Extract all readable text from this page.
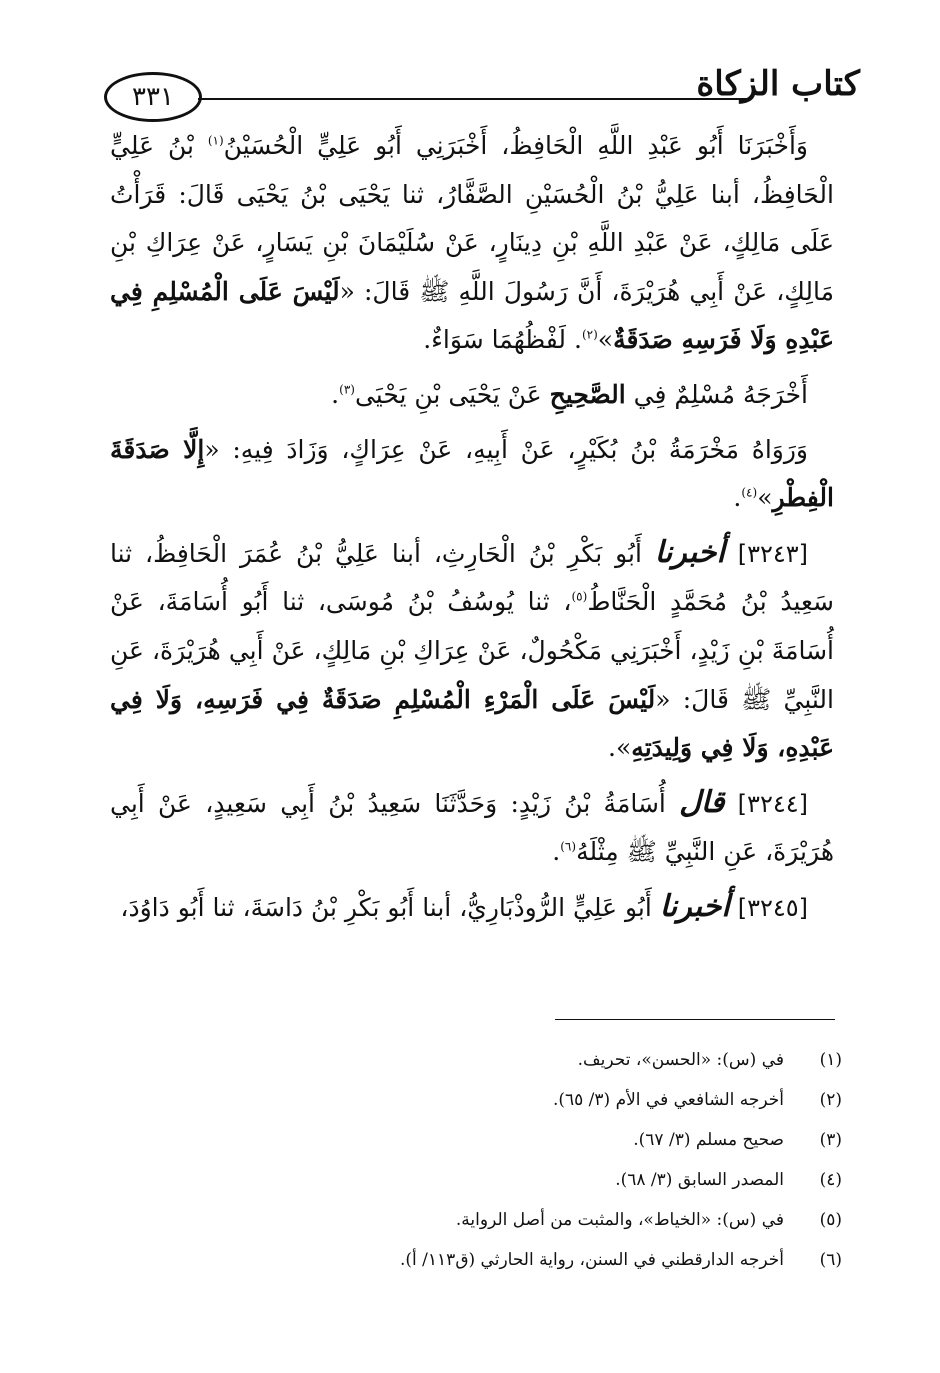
٣٣١	كتاب الزكاة

وَأَخْبَرَنَا أَبُو عَبْدِ اللَّهِ الْحَافِظُ، أَخْبَرَنِي أَبُو عَلِيٍّ الْحُسَيْنُ$^{(١)}$ بْنُ عَلِيٍّ الْحَافِظُ، أبنا عَلِيُّ بْنُ الْحُسَيْنِ الصَّفَّارُ، ثنا يَحْيَى بْنُ يَحْيَى قَالَ: قَرَأْتُ عَلَى مَالِكٍ، عَنْ عَبْدِ اللَّهِ بْنِ دِينَارٍ، عَنْ سُلَيْمَانَ بْنِ يَسَارٍ، عَنْ عِرَاكِ بْنِ مَالِكٍ، عَنْ أَبِي هُرَيْرَةَ، أَنَّ رَسُولَ اللَّهِ ﷺ قَالَ: «لَيْسَ عَلَى الْمُسْلِمِ فِي عَبْدِهِ وَلَا فَرَسِهِ صَدَقَةٌ»$^{(٢)}$. لَفْظُهُمَا سَوَاءٌ.

أَخْرَجَهُ مُسْلِمٌ فِي الصَّحِيحِ عَنْ يَحْيَى بْنِ يَحْيَى$^{(٣)}$.

وَرَوَاهُ مَخْرَمَةُ بْنُ بُكَيْرٍ، عَنْ أَبِيهِ، عَنْ عِرَاكٍ، وَزَادَ فِيهِ: «إِلَّا صَدَقَةَ الْفِطْرِ»$^{(٤)}$.

[٣٢٤٣] أخبرنا أَبُو بَكْرِ بْنُ الْحَارِثِ، أبنا عَلِيُّ بْنُ عُمَرَ الْحَافِظُ، ثنا سَعِيدُ بْنُ مُحَمَّدٍ الْحَنَّاطُ$^{(٥)}$، ثنا يُوسُفُ بْنُ مُوسَى، ثنا أَبُو أُسَامَةَ، عَنْ أُسَامَةَ بْنِ زَيْدٍ، أَخْبَرَنِي مَكْحُولٌ، عَنْ عِرَاكِ بْنِ مَالِكٍ، عَنْ أَبِي هُرَيْرَةَ، عَنِ النَّبِيِّ ﷺ قَالَ: «لَيْسَ عَلَى الْمَرْءِ الْمُسْلِمِ صَدَقَةٌ فِي فَرَسِهِ، وَلَا فِي عَبْدِهِ، وَلَا فِي وَلِيدَتِهِ».

[٣٢٤٤] قال أُسَامَةُ بْنُ زَيْدٍ: وَحَدَّثَنَا سَعِيدُ بْنُ أَبِي سَعِيدٍ، عَنْ أَبِي هُرَيْرَةَ، عَنِ النَّبِيِّ ﷺ مِثْلَهُ$^{(٦)}$.

[٣٢٤٥] أخبرنا أَبُو عَلِيٍّ الرُّوذْبَارِيُّ، أبنا أَبُو بَكْرِ بْنُ دَاسَةَ، ثنا أَبُو دَاوُدَ،

(١)في (س): «الحسن»، تحريف.
(٢)أخرجه الشافعي في الأم (٣/ ٦٥).
(٣)صحيح مسلم (٣/ ٦٧).
(٤)المصدر السابق (٣/ ٦٨).
(٥)في (س): «الخياط»، والمثبت من أصل الرواية.
(٦)أخرجه الدارقطني في السنن، رواية الحارثي (ق١١٣/ أ).
